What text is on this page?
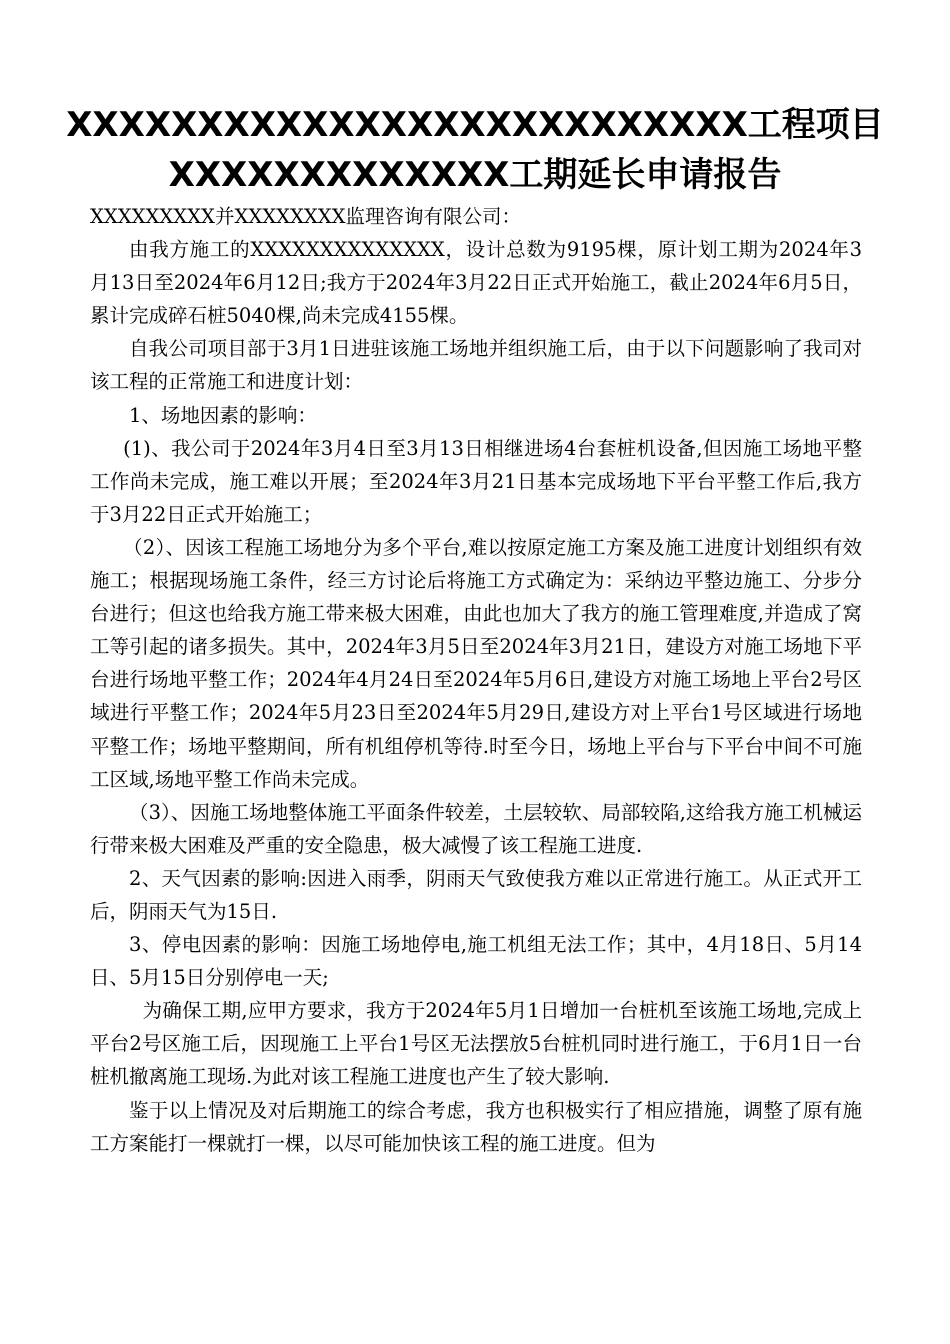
XXXXXXXXXXXXXXXXXXXXXXXXXX工程项目
XXXXXXXXXXXXX工期延长申请报告

XXXXXXXXX并XXXXXXXX监理咨询有限公司：

由我方施工的XXXXXXXXXXXXXX，设计总数为9195棵，原计划工期为2024年3月13日至2024年6月12日;我方于2024年3月22日正式开始施工，截止2024年6月5日，累计完成碎石桩5040棵,尚未完成4155棵。

自我公司项目部于3月1日进驻该施工场地并组织施工后，由于以下问题影响了我司对该工程的正常施工和进度计划：

1、场地因素的影响：

(1)、我公司于2024年3月4日至3月13日相继进场4台套桩机设备,但因施工场地平整工作尚未完成，施工难以开展；至2024年3月21日基本完成场地下平台平整工作后,我方于3月22日正式开始施工；

（2）、因该工程施工场地分为多个平台,难以按原定施工方案及施工进度计划组织有效施工；根据现场施工条件，经三方讨论后将施工方式确定为：采纳边平整边施工、分步分台进行；但这也给我方施工带来极大困难，由此也加大了我方的施工管理难度,并造成了窝工等引起的诸多损失。其中，2024年3月5日至2024年3月21日，建设方对施工场地下平台进行场地平整工作；2024年4月24日至2024年5月6日,建设方对施工场地上平台2号区域进行平整工作；2024年5月23日至2024年5月29日,建设方对上平台1号区域进行场地平整工作；场地平整期间，所有机组停机等待.时至今日，场地上平台与下平台中间不可施工区域,场地平整工作尚未完成。

（3）、因施工场地整体施工平面条件较差，土层较软、局部较陷,这给我方施工机械运行带来极大困难及严重的安全隐患，极大减慢了该工程施工进度.

2、天气因素的影响:因进入雨季，阴雨天气致使我方难以正常进行施工。从正式开工后，阴雨天气为15日.

3、停电因素的影响：因施工场地停电,施工机组无法工作；其中，4月18日、5月14日、5月15日分别停电一天;

为确保工期,应甲方要求，我方于2024年5月1日增加一台桩机至该施工场地,完成上平台2号区施工后，因现施工上平台1号区无法摆放5台桩机同时进行施工，于6月1日一台桩机撤离施工现场.为此对该工程施工进度也产生了较大影响.

鉴于以上情况及对后期施工的综合考虑，我方也积极实行了相应措施，调整了原有施工方案能打一棵就打一棵，以尽可能加快该工程的施工进度。但为
